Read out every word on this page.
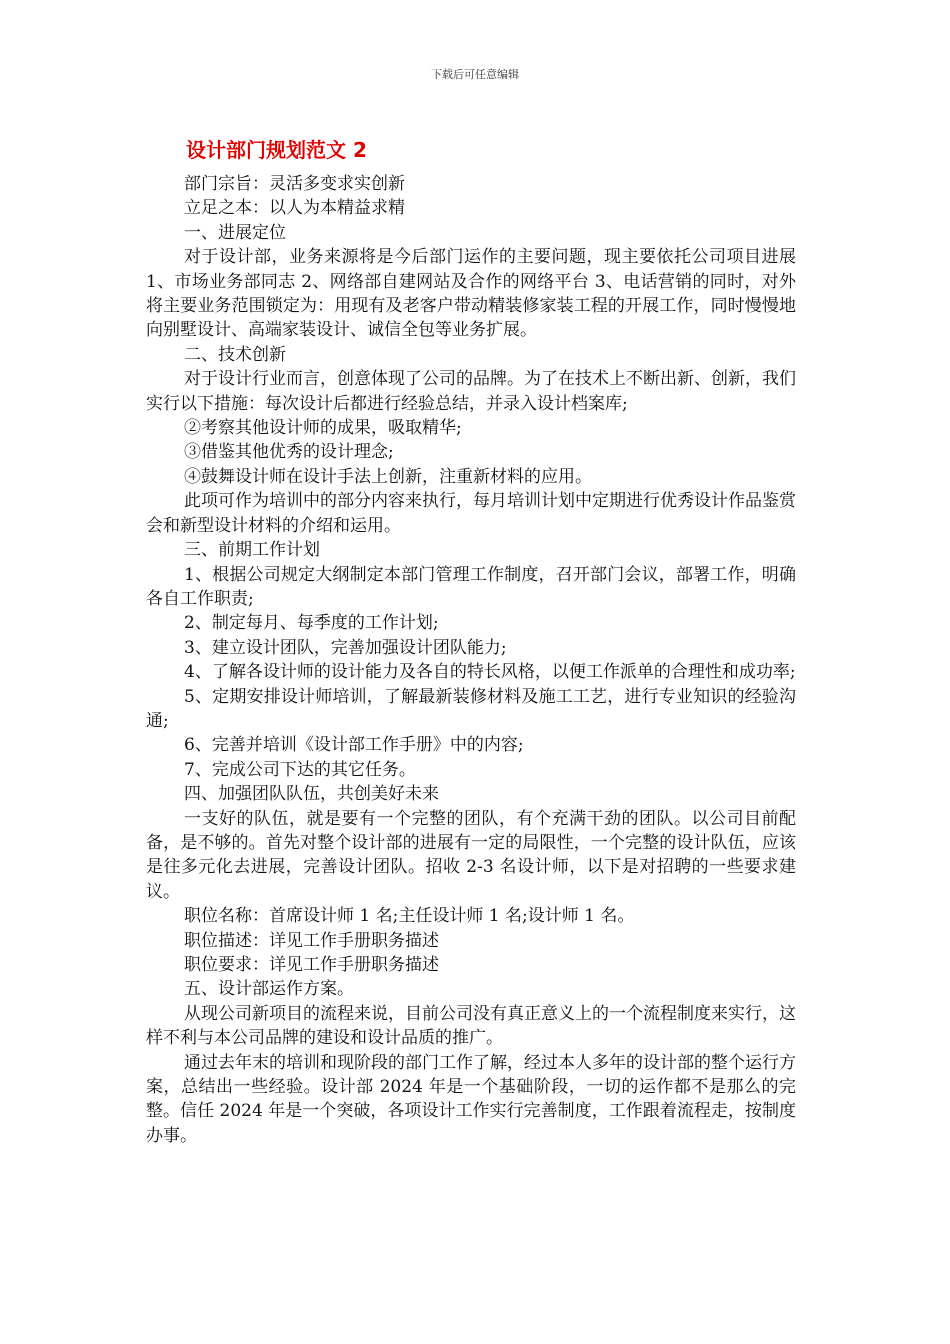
下载后可任意编辑
设计部门规划范文 2

部门宗旨：灵活多变求实创新

立足之本：以人为本精益求精

一、进展定位

对于设计部，业务来源将是今后部门运作的主要问题，现主要依托公司项目进展 1、市场业务部同志 2、网络部自建网站及合作的网络平台 3、电话营销的同时，对外将主要业务范围锁定为：用现有及老客户带动精装修家装工程的开展工作，同时慢慢地向别墅设计、高端家装设计、诚信全包等业务扩展。

二、技术创新

对于设计行业而言，创意体现了公司的品牌。为了在技术上不断出新、创新，我们实行以下措施：每次设计后都进行经验总结，并录入设计档案库;

②考察其他设计师的成果，吸取精华;

③借鉴其他优秀的设计理念;

④鼓舞设计师在设计手法上创新，注重新材料的应用。

此项可作为培训中的部分内容来执行，每月培训计划中定期进行优秀设计作品鉴赏会和新型设计材料的介绍和运用。

三、前期工作计划

1、根据公司规定大纲制定本部门管理工作制度，召开部门会议，部署工作，明确各自工作职责;

2、制定每月、每季度的工作计划;

3、建立设计团队，完善加强设计团队能力;

4、了解各设计师的设计能力及各自的特长风格，以便工作派单的合理性和成功率;

5、定期安排设计师培训，了解最新装修材料及施工工艺，进行专业知识的经验沟通;

6、完善并培训《设计部工作手册》中的内容;

7、完成公司下达的其它任务。

四、加强团队队伍，共创美好未来

一支好的队伍，就是要有一个完整的团队，有个充满干劲的团队。以公司目前配备，是不够的。首先对整个设计部的进展有一定的局限性，一个完整的设计队伍，应该是往多元化去进展，完善设计团队。招收 2-3 名设计师，以下是对招聘的一些要求建议。

职位名称：首席设计师 1 名;主任设计师 1 名;设计师 1 名。

职位描述：详见工作手册职务描述

职位要求：详见工作手册职务描述

五、设计部运作方案。

从现公司新项目的流程来说，目前公司没有真正意义上的一个流程制度来实行，这样不利与本公司品牌的建设和设计品质的推广。

通过去年末的培训和现阶段的部门工作了解，经过本人多年的设计部的整个运行方案，总结出一些经验。设计部 2024 年是一个基础阶段，一切的运作都不是那么的完整。信任 2024 年是一个突破，各项设计工作实行完善制度，工作跟着流程走，按制度办事。
